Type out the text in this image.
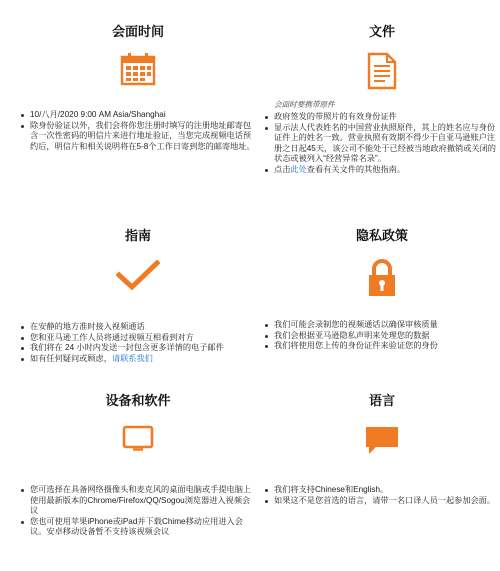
会面时间
10/八月/2020 9:00 AM Asia/Shanghai
除身份验证以外，我们会将你您注册时填写的注册地址邮寄包含一次性密码的明信片来进行地址验证，当您完成视频电话预约后，明信片和相关说明将在5-8个工作日寄到您的邮寄地址。
文件
会面时要携带原件
政府签发的带照片的有效身份证件
显示法人代表姓名的中国营业执照原件，其上的姓名应与身份证件上的姓名一致。营业执照有效期不得少于自亚马逊账户注册之日起45天，该公司不能处于已经被当地政府撤销或关闭的状态或被列入“经营异常名录”。
点击此处查看有关文件的其他指南。
指南
在安静的地方准时接入视频通话
您和亚马逊工作人员将通过视频互相看到对方
我们将在 24 小时内发送一封包含更多详情的电子邮件
如有任何疑问或顾虑，请联系我们
隐私政策
我们可能会录制您的视频通话以确保审核质量
我们会根据亚马逊隐私声明来处理您的数据
我们将使用您上传的身份证件来验证您的身份
设备和软件
您可选择在具备网络摄像头和麦克风的桌面电脑或手提电脑上使用最新版本的Chrome/Firefox/QQ/Sogou浏览器进入视频会议
您也可使用苹果iPhone或iPad并下载Chime移动应用进入会议。安卓移动设备暂不支持该视频会议
语言
我们将支持Chinese和English。
如果这不是您首选的语言，请带一名口译人员一起参加会面。
